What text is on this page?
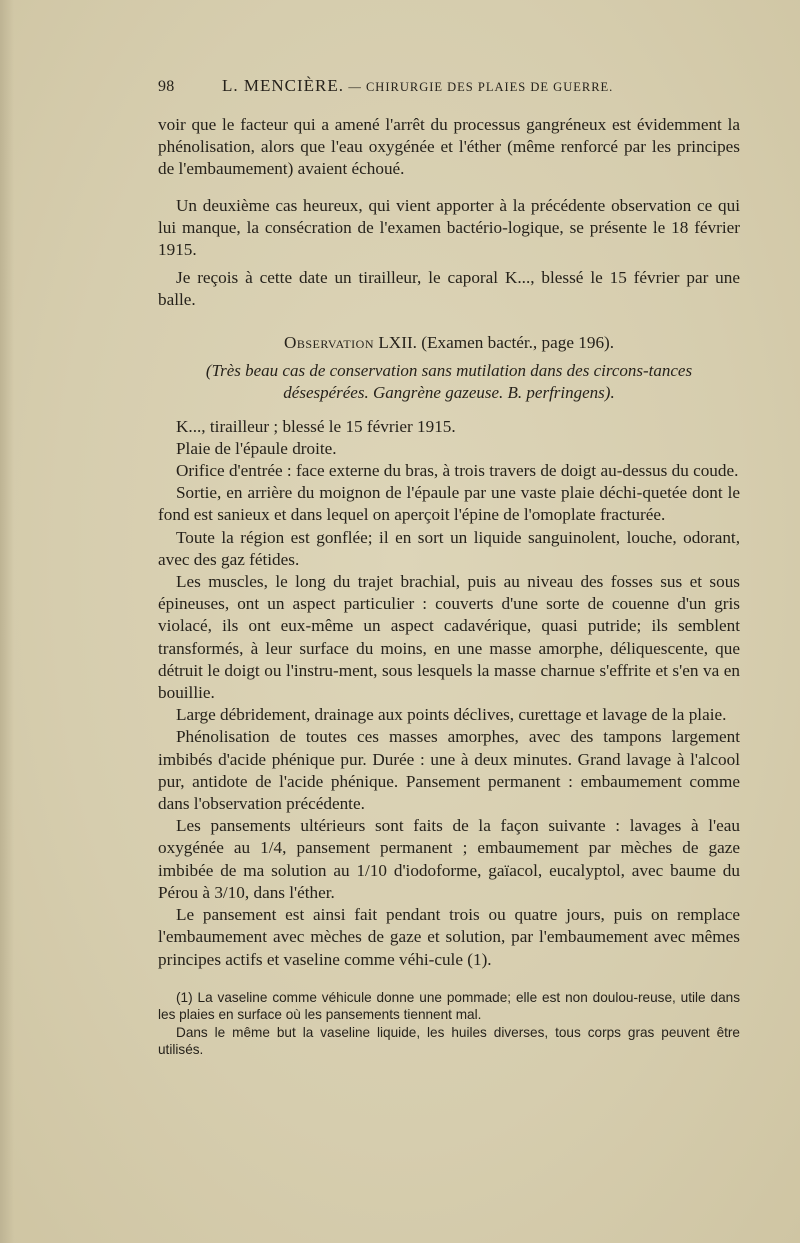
98	L. MENCIÈRE. — CHIRURGIE DES PLAIES DE GUERRE.

voir que le facteur qui a amené l'arrêt du processus gangréneux est évidemment la phénolisation, alors que l'eau oxygénée et l'éther (même renforcé par les principes de l'embaumement) avaient échoué.

Un deuxième cas heureux, qui vient apporter à la précédente observation ce qui lui manque, la consécration de l'examen bactério-logique, se présente le 18 février 1915.

Je reçois à cette date un tirailleur, le caporal K..., blessé le 15 février par une balle.

Observation LXII. (Examen bactér., page 196).
(Très beau cas de conservation sans mutilation dans des circons-tances désespérées. Gangrène gazeuse. B. perfringens).

K..., tirailleur ; blessé le 15 février 1915.

Plaie de l'épaule droite.

Orifice d'entrée : face externe du bras, à trois travers de doigt au-dessus du coude.

Sortie, en arrière du moignon de l'épaule par une vaste plaie déchi-quetée dont le fond est sanieux et dans lequel on aperçoit l'épine de l'omoplate fracturée.

Toute la région est gonflée; il en sort un liquide sanguinolent, louche, odorant, avec des gaz fétides.

Les muscles, le long du trajet brachial, puis au niveau des fosses sus et sous épineuses, ont un aspect particulier : couverts d'une sorte de couenne d'un gris violacé, ils ont eux-même un aspect cadavérique, quasi putride; ils semblent transformés, à leur surface du moins, en une masse amorphe, déliquescente, que détruit le doigt ou l'instru-ment, sous lesquels la masse charnue s'effrite et s'en va en bouillie.

Large débridement, drainage aux points déclives, curettage et lavage de la plaie.

Phénolisation de toutes ces masses amorphes, avec des tampons largement imbibés d'acide phénique pur. Durée : une à deux minutes. Grand lavage à l'alcool pur, antidote de l'acide phénique. Pansement permanent : embaumement comme dans l'observation précédente.

Les pansements ultérieurs sont faits de la façon suivante : lavages à l'eau oxygénée au 1/4, pansement permanent ; embaumement par mèches de gaze imbibée de ma solution au 1/10 d'iodoforme, gaïacol, eucalyptol, avec baume du Pérou à 3/10, dans l'éther.

Le pansement est ainsi fait pendant trois ou quatre jours, puis on remplace l'embaumement avec mèches de gaze et solution, par l'embaumement avec mêmes principes actifs et vaseline comme véhi-cule (1).

(1) La vaseline comme véhicule donne une pommade; elle est non doulou-reuse, utile dans les plaies en surface où les pansements tiennent mal.

Dans le même but la vaseline liquide, les huiles diverses, tous corps gras peuvent être utilisés.
